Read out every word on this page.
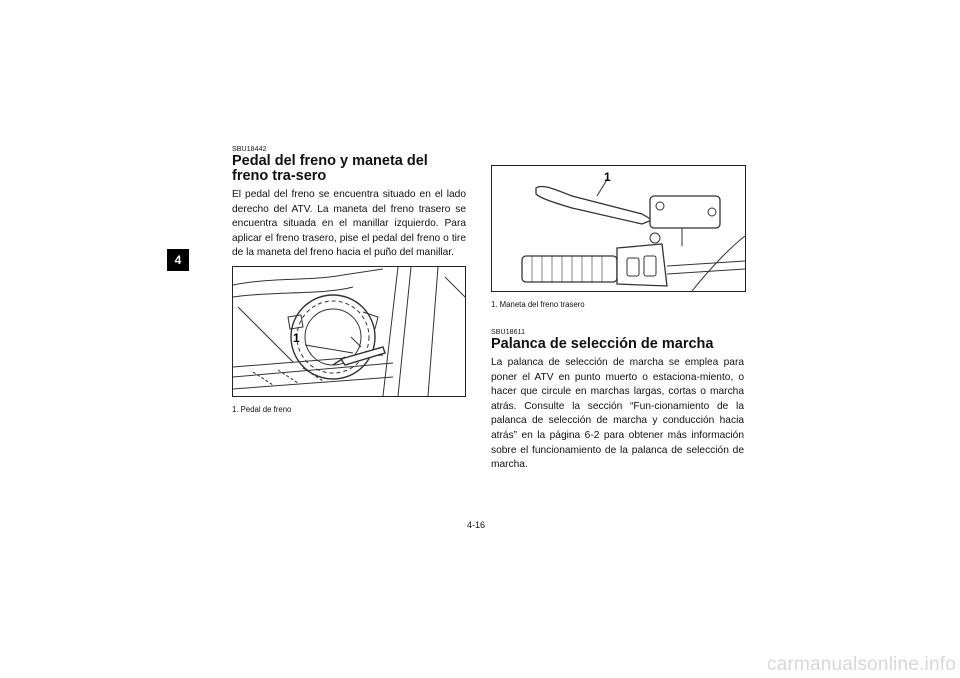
4

SBU18442

Pedal del freno y maneta del freno tra-sero

El pedal del freno se encuentra situado en el lado derecho del ATV. La maneta del freno trasero se encuentra situada en el manillar izquierdo. Para aplicar el freno trasero, pise el pedal del freno o tire de la maneta del freno hacia el puño del manillar.

1

1. Pedal de freno

1

1. Maneta del freno trasero

SBU18611

Palanca de selección de marcha

La palanca de selección de marcha se emplea para poner el ATV en punto muerto o estaciona-miento, o hacer que circule en marchas largas, cortas o marcha atrás. Consulte la sección “Fun-cionamiento de la palanca de selección de marcha y conducción hacia atrás” en la página 6-2 para obtener más información sobre el funcionamiento de la palanca de selección de marcha.

4-16
carmanualsonline.info
